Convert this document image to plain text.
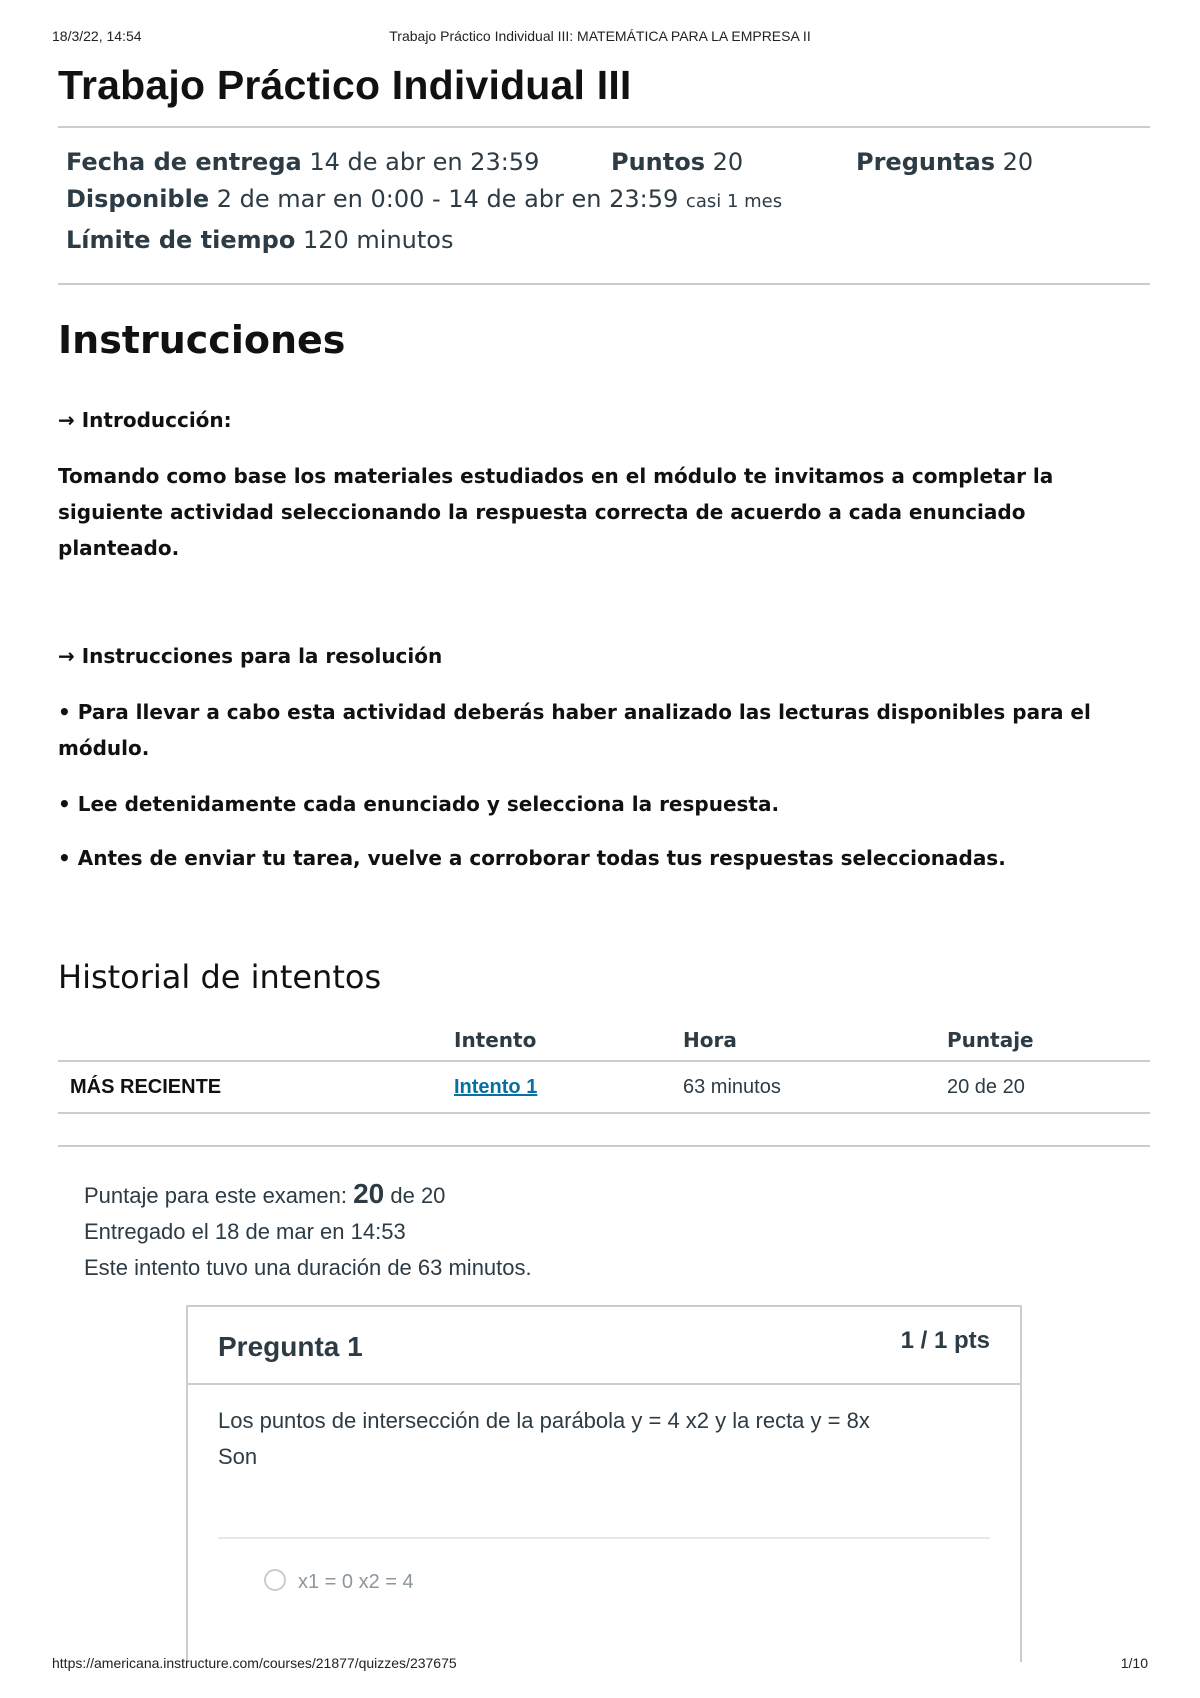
18/3/22, 14:54	Trabajo Práctico Individual III: MATEMÁTICA PARA LA EMPRESA II
Trabajo Práctico Individual III
Fecha de entrega 14 de abr en 23:59	Puntos 20	Preguntas 20
Disponible 2 de mar en 0:00 - 14 de abr en 23:59 casi 1 mes
Límite de tiempo 120 minutos
Instrucciones

→ Introducción:

Tomando como base los materiales estudiados en el módulo te invitamos a completar la siguiente actividad seleccionando la respuesta correcta de acuerdo a cada enunciado planteado.

→ Instrucciones para la resolución

• Para llevar a cabo esta actividad deberás haber analizado las lecturas disponibles para el módulo.

• Lee detenidamente cada enunciado y selecciona la respuesta.

• Antes de enviar tu tarea, vuelve a corroborar todas tus respuestas seleccionadas.

Historial de intentos
	Intento	Hora	Puntaje
MÁS RECIENTE	Intento 1	63 minutos	20 de 20
Puntaje para este examen: 20 de 20
Entregado el 18 de mar en 14:53
Este intento tuvo una duración de 63 minutos.
Pregunta 1	1 / 1 pts
Los puntos de intersección de la parábola y = 4 x2 y la recta y = 8x
Son
x1 = 0 x2 = 4
https://americana.instructure.com/courses/21877/quizzes/237675	1/10
